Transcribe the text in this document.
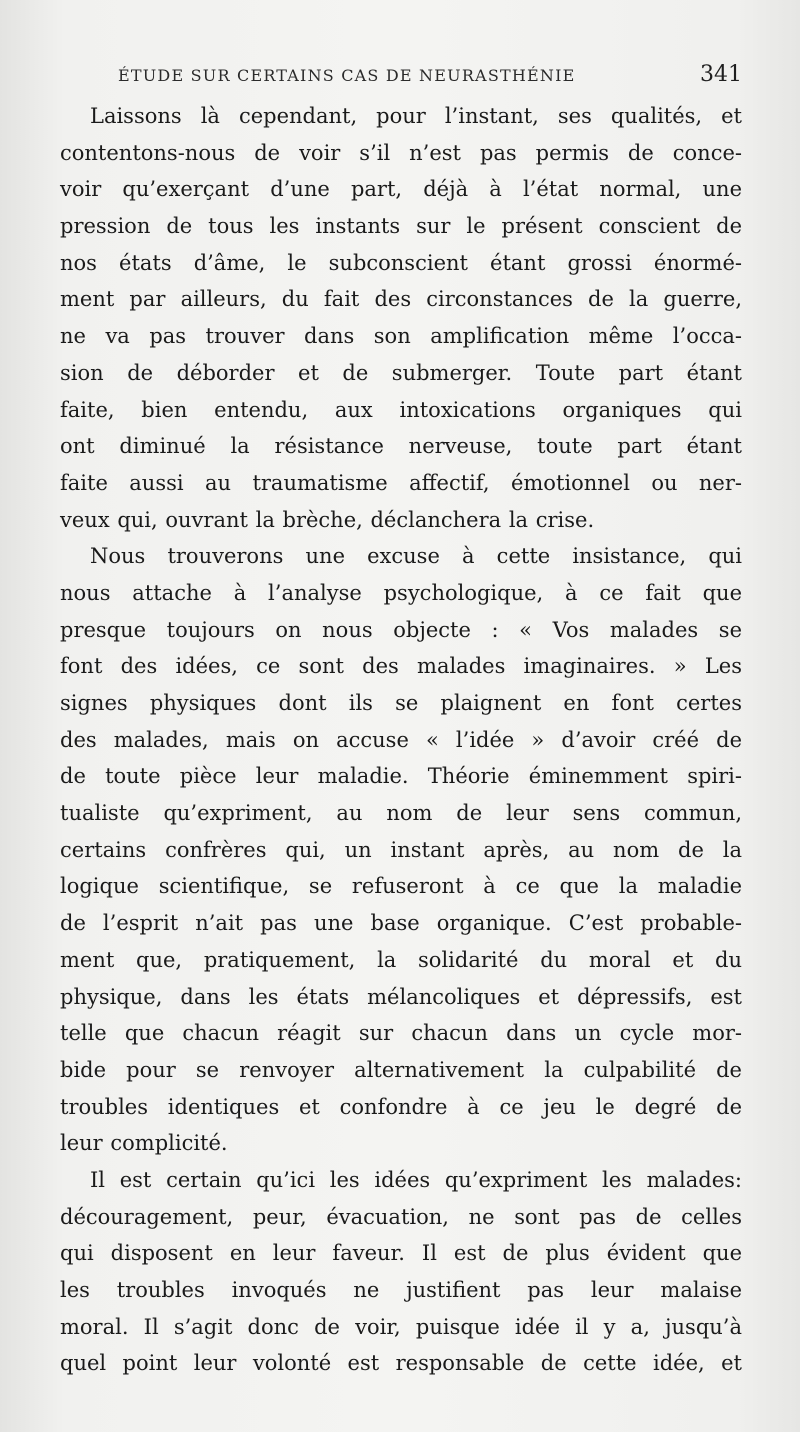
ÉTUDE SUR CERTAINS CAS DE NEURASTHÉNIE	341

Laissons là cependant, pour l’instant, ses qualités, et
contentons-nous de voir s’il n’est pas permis de conce-
voir qu’exerçant d’une part, déjà à l’état normal, une
pression de tous les instants sur le présent conscient de
nos états d’âme, le subconscient étant grossi énormé-
ment par ailleurs, du fait des circonstances de la guerre,
ne va pas trouver dans son amplification même l’occa-
sion de déborder et de submerger. Toute part étant
faite, bien entendu, aux intoxications organiques qui
ont diminué la résistance nerveuse, toute part étant
faite aussi au traumatisme affectif, émotionnel ou ner-
veux qui, ouvrant la brèche, déclanchera la crise.

Nous trouverons une excuse à cette insistance, qui
nous attache à l’analyse psychologique, à ce fait que
presque toujours on nous objecte : « Vos malades se
font des idées, ce sont des malades imaginaires. » Les
signes physiques dont ils se plaignent en font certes
des malades, mais on accuse « l’idée » d’avoir créé de
de toute pièce leur maladie. Théorie éminemment spiri-
tualiste qu’expriment, au nom de leur sens commun,
certains confrères qui, un instant après, au nom de la
logique scientifique, se refuseront à ce que la maladie
de l’esprit n’ait pas une base organique. C’est probable-
ment que, pratiquement, la solidarité du moral et du
physique, dans les états mélancoliques et dépressifs, est
telle que chacun réagit sur chacun dans un cycle mor-
bide pour se renvoyer alternativement la culpabilité de
troubles identiques et confondre à ce jeu le degré de
leur complicité.

Il est certain qu’ici les idées qu’expriment les malades:
découragement, peur, évacuation, ne sont pas de celles
qui disposent en leur faveur. Il est de plus évident que
les troubles invoqués ne justifient pas leur malaise
moral. Il s’agit donc de voir, puisque idée il y a, jusqu’à
quel point leur volonté est responsable de cette idée, et
